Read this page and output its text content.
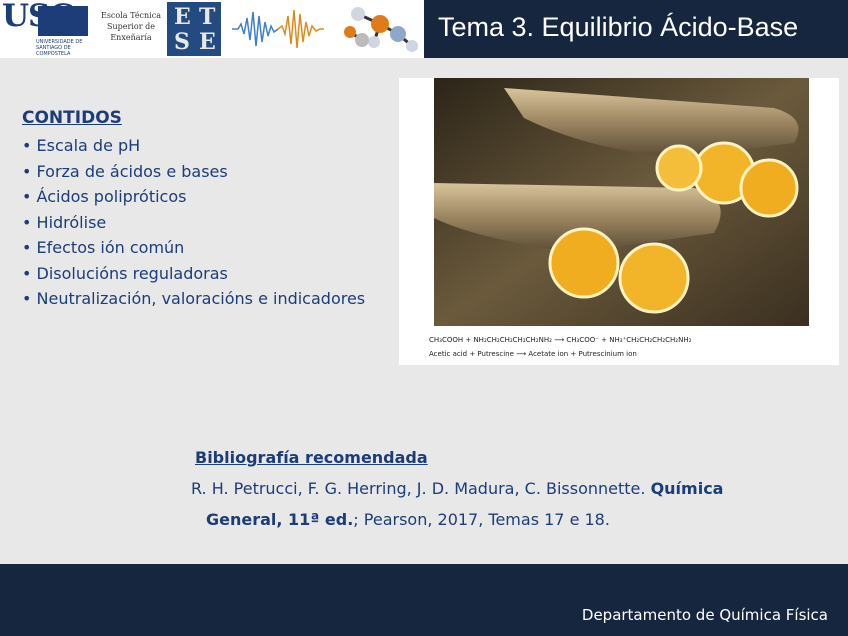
USC
UNIVERSIDADE DE SANTIAGO DE COMPOSTELA
Escola Técnica
Superior de
Enxeñaría
E T
S E	Tema 3. Equilibrio Ácido-Base
CONTIDOS
• Escala de pH
• Forza de ácidos e bases
• Ácidos polipróticos
• Hidrólise
• Efectos ión común
• Disolucións reguladoras
• Neutralización, valoracións e indicadores
CH₃COOH + NH₂CH₂CH₂CH₂CH₂NH₂ ⟶ CH₃COO⁻ + NH₃⁺CH₂CH₂CH₂CH₂NH₂
Acetic acid + Putrescine ⟶ Acetate ion + Putrescinium ion
Bibliografía recomendada
R. H. Petrucci, F. G. Herring, J. D. Madura, C. Bissonnette. Química
General, 11ª ed.; Pearson, 2017, Temas 17 e 18.
Departamento de Química Física
